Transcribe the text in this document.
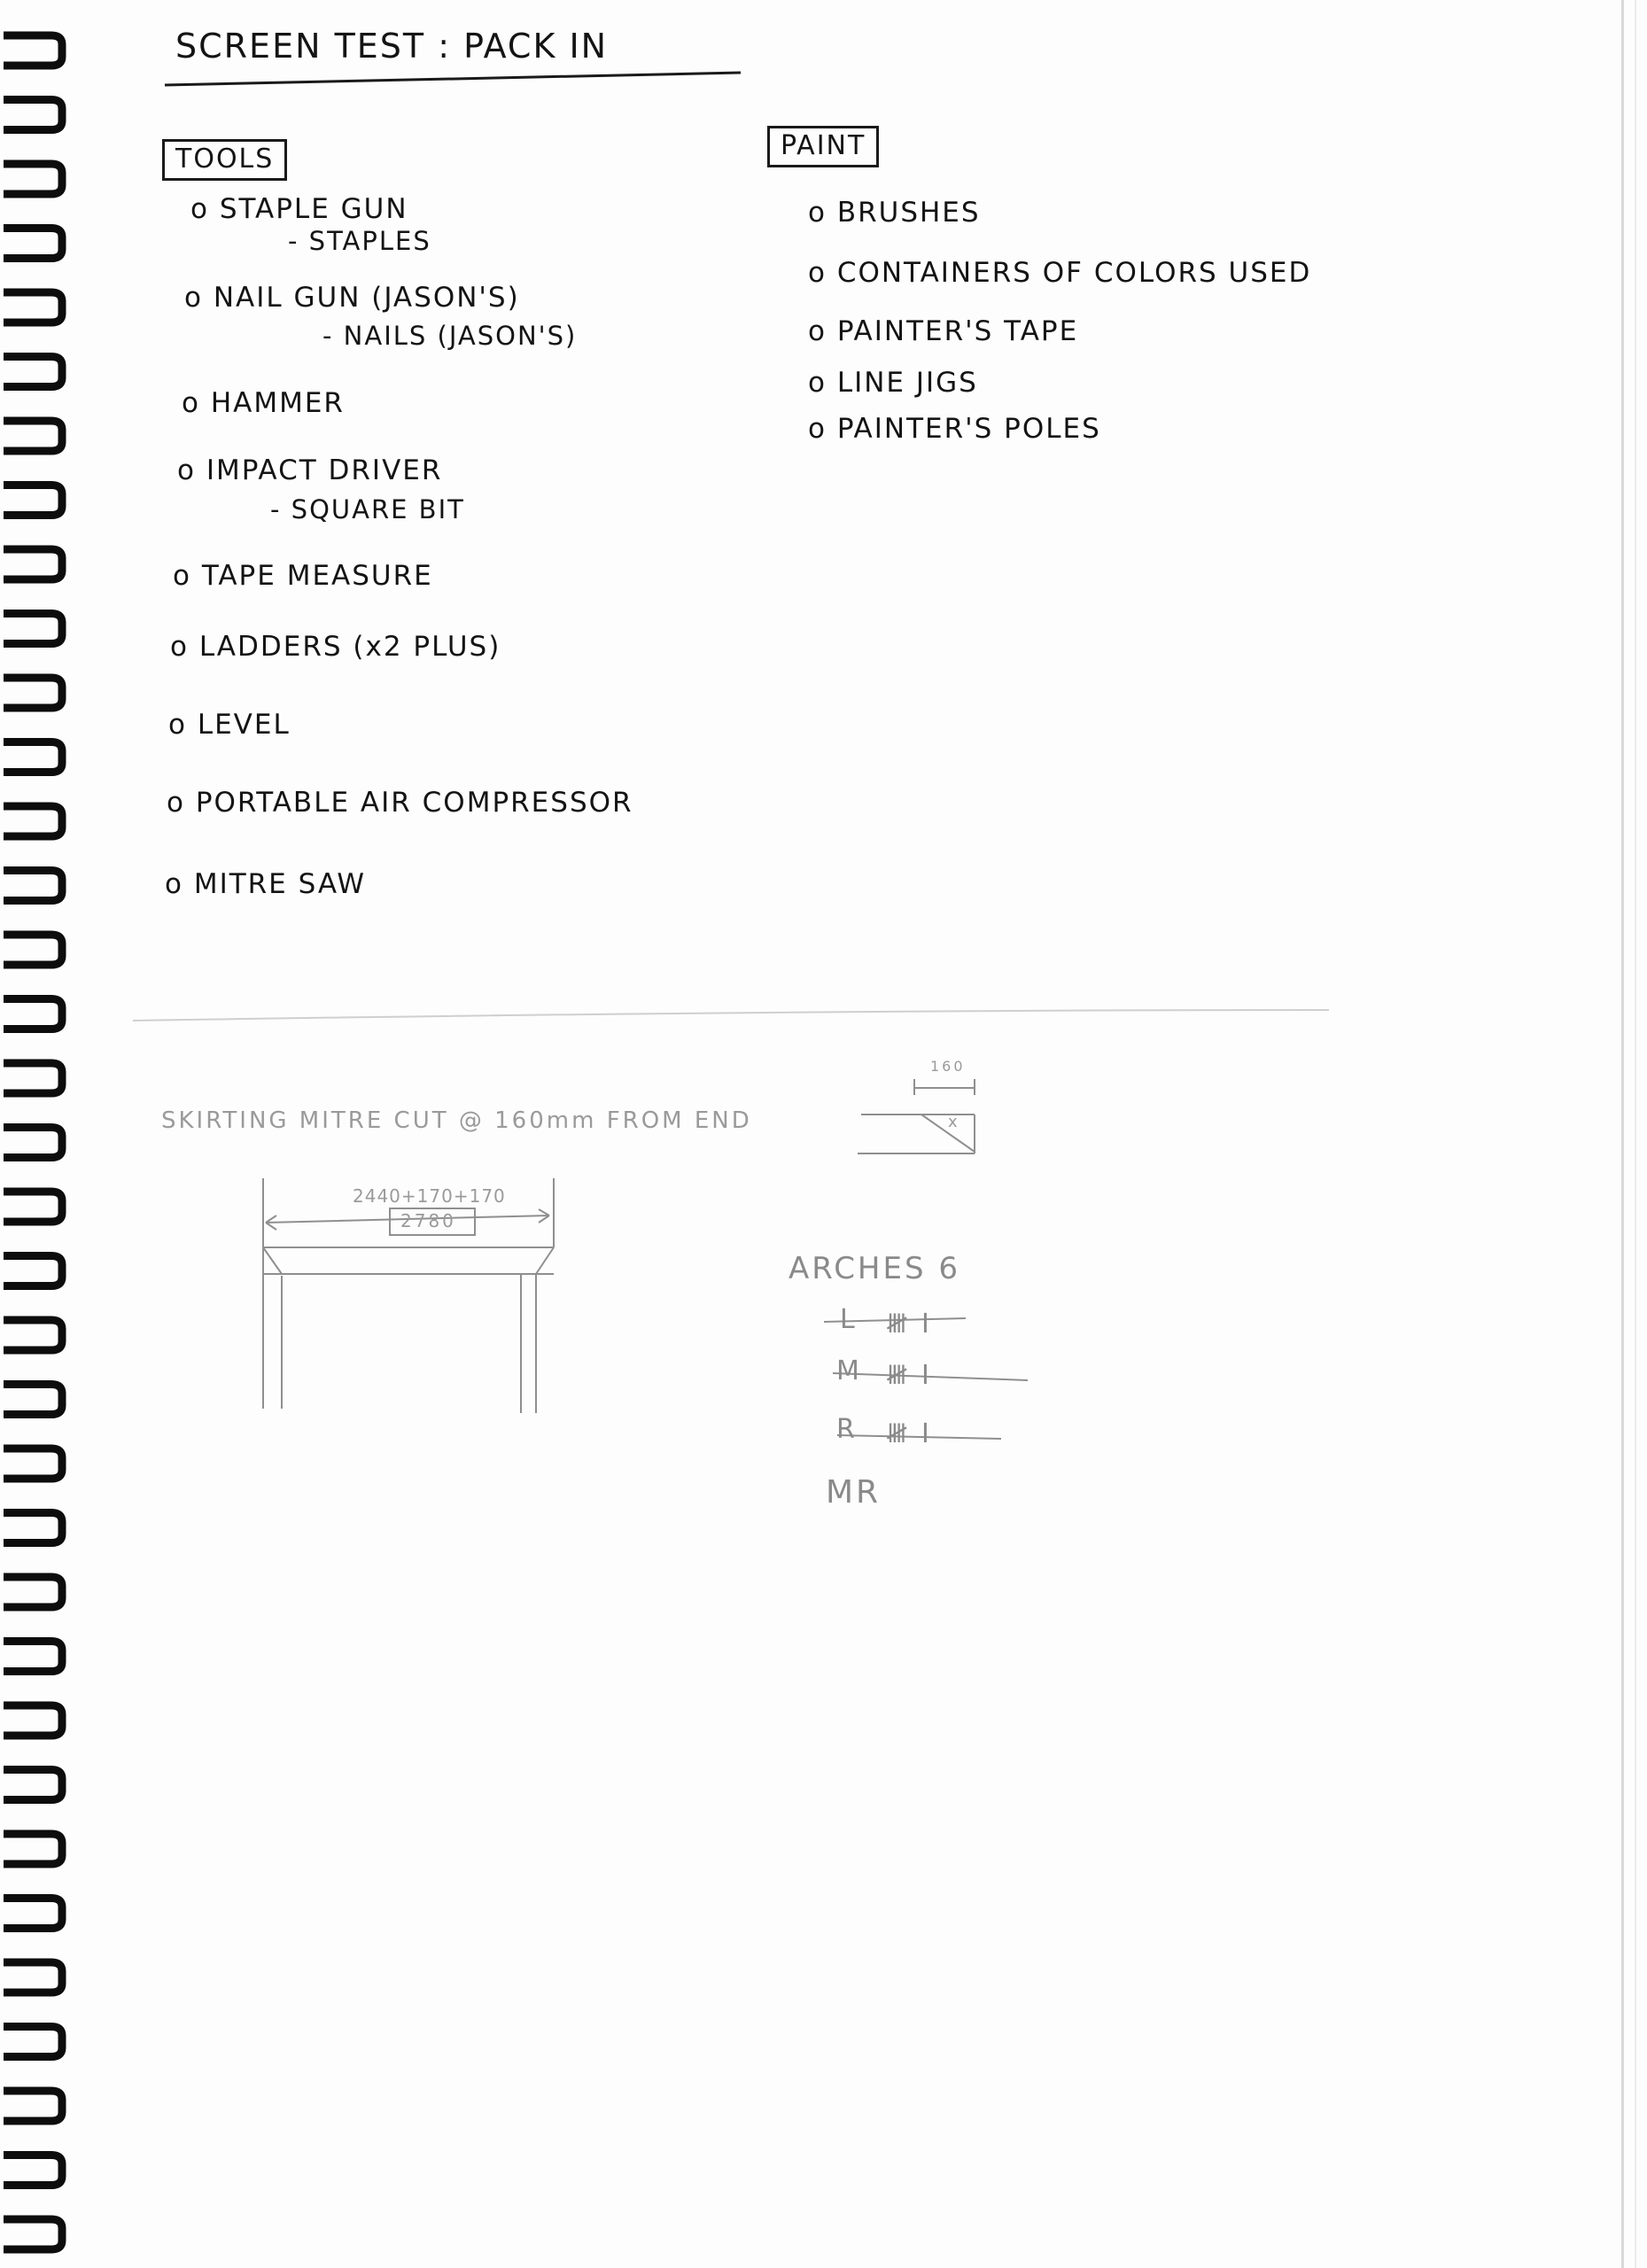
SCREEN TEST : PACK IN
TOOLS
o STAPLE GUN
- STAPLES
o NAIL GUN (JASON'S)
- NAILS (JASON'S)
o HAMMER
o IMPACT DRIVER
- SQUARE BIT
o TAPE MEASURE
o LADDERS (x2 PLUS)
o LEVEL
o PORTABLE AIR COMPRESSOR
o MITRE SAW
PAINT
o BRUSHES
o CONTAINERS OF COLORS USED
o PAINTER'S TAPE
o LINE JIGS
o PAINTER'S POLES
SKIRTING MITRE CUT @ 160mm FROM END
160
x
2440+170+170
2780
ARCHES 6
L 𝍸 I
M 𝍸 I
R 𝍸 I
MR
